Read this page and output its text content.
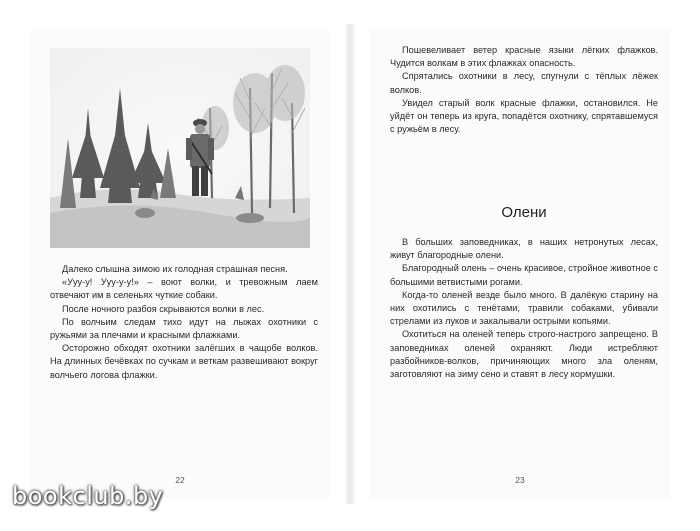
Далеко слышна зимою их голодная страшная песня.

«Ууу-у! Ууу-у-у!» – воют волки, и тревожным лаем отвечают им в селеньях чуткие собаки.

После ночного разбоя скрываются волки в лес.

По волчьим следам тихо идут на лыжах охотники с ружьями за плечами и красными флажками.

Осторожно обходят охотники залёгших в чащобе волков. На длинных бечёвках по сучкам и веткам развешивают вокруг волчьего логова флажки.

22

Пошевеливает ветер красные языки лёгких флажков. Чудится волкам в этих флажках опасность.

Спрятались охотники в лесу, спугнули с тёплых лёжек волков.

Увидел старый волк красные флажки, остановился. Не уйдёт он теперь из круга, попадётся охотнику, спрятавшемуся с ружьём в лесу.

Олени

В больших заповедниках, в наших нетронутых лесах, живут благородные олени.

Благородный олень – очень красивое, стройное животное с большими ветвистыми рогами.

Когда-то оленей везде было много. В далёкую старину на них охотились с тенётами, травили собаками, убивали стрелами из луков и закалывали острыми копьями.

Охотиться на оленей теперь строго-настрого запрещено. В заповедниках оленей охраняют. Люди истребляют разбойников-волков, причиняющих много зла оленям, заготовляют на зиму сено и ставят в лесу кормушки.

23
bookclub.by
